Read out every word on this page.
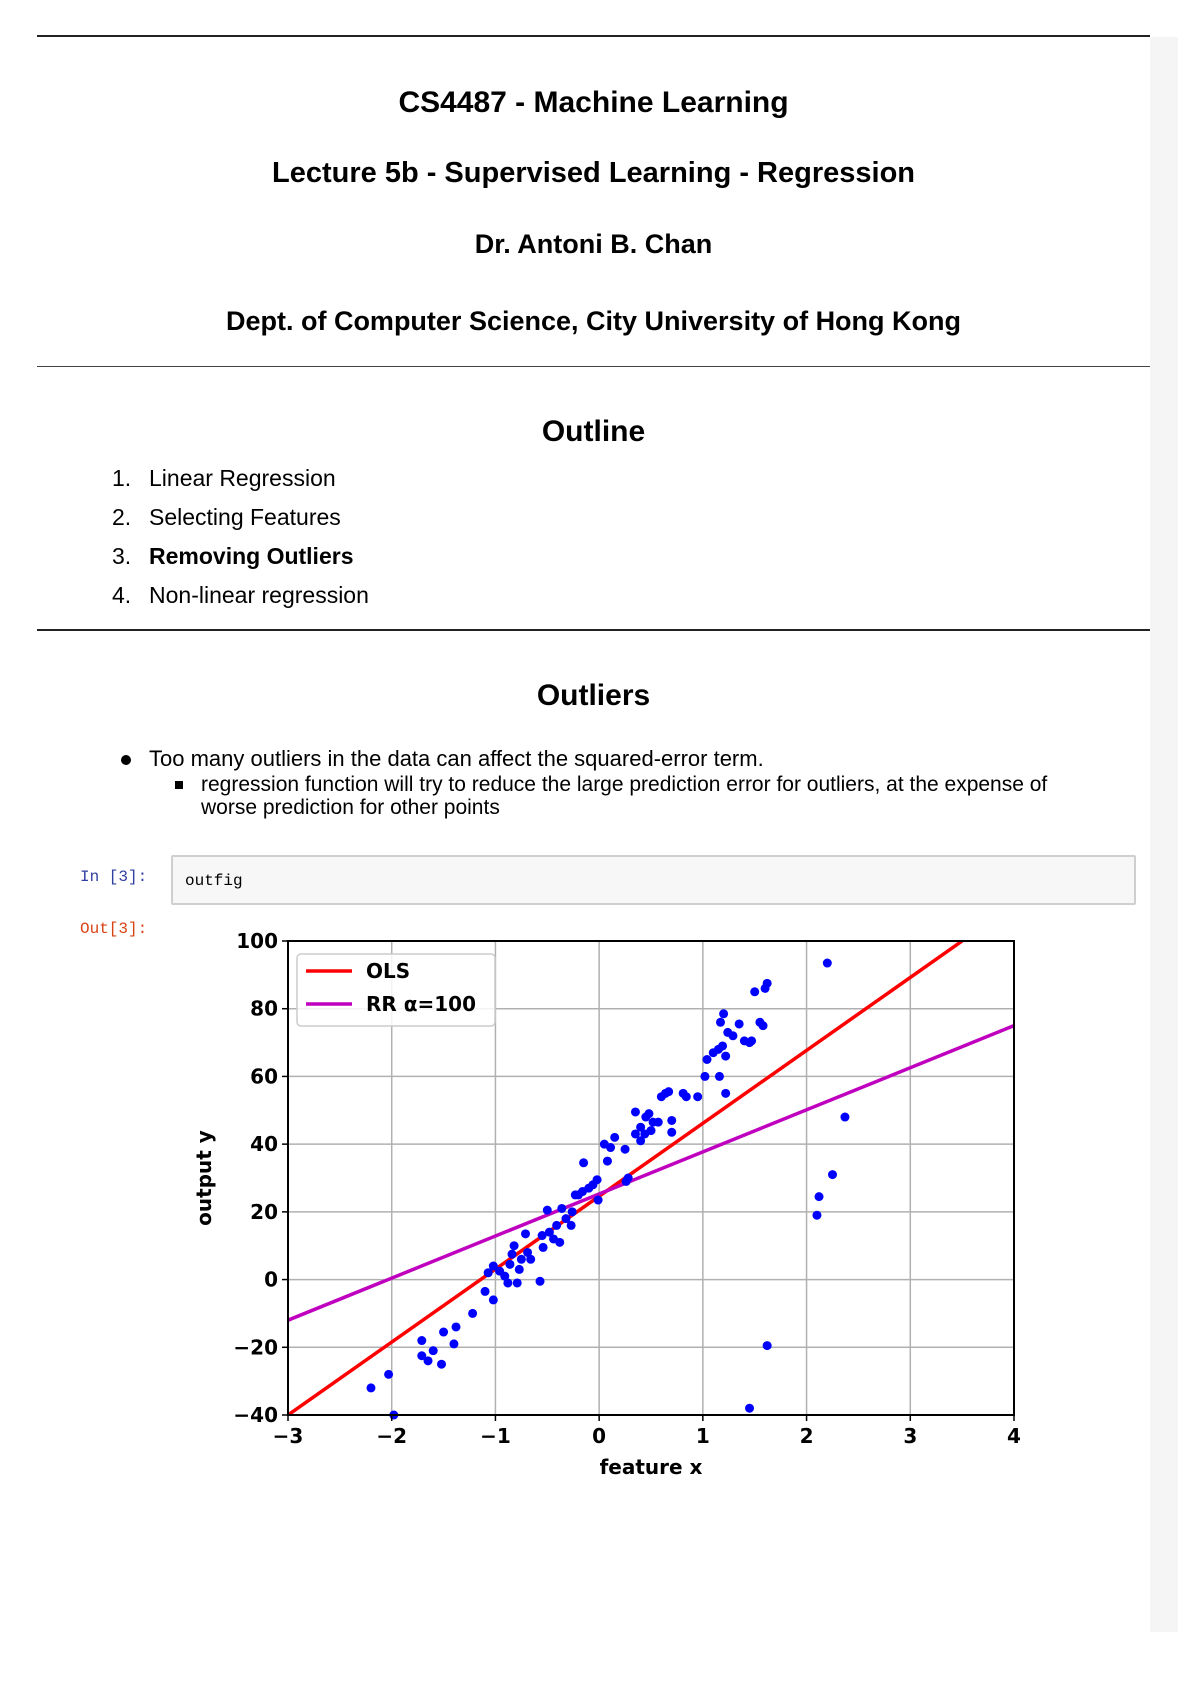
CS4487 - Machine Learning
Lecture 5b - Supervised Learning - Regression
Dr. Antoni B. Chan
Dept. of Computer Science, City University of Hong Kong
Outline
1. Linear Regression
2. Selecting Features
3. Removing Outliers
4. Non-linear regression
Outliers
Too many outliers in the data can affect the squared-error term.
regression function will try to reduce the large prediction error for outliers, at the expense of worse prediction for other points
In [3]: outfig
Out[3]:
−3	−2	−1	0	1	2	3	4
−40
−20
0
20
40
60
80
100
feature x
output y
OLS
RR α=100
